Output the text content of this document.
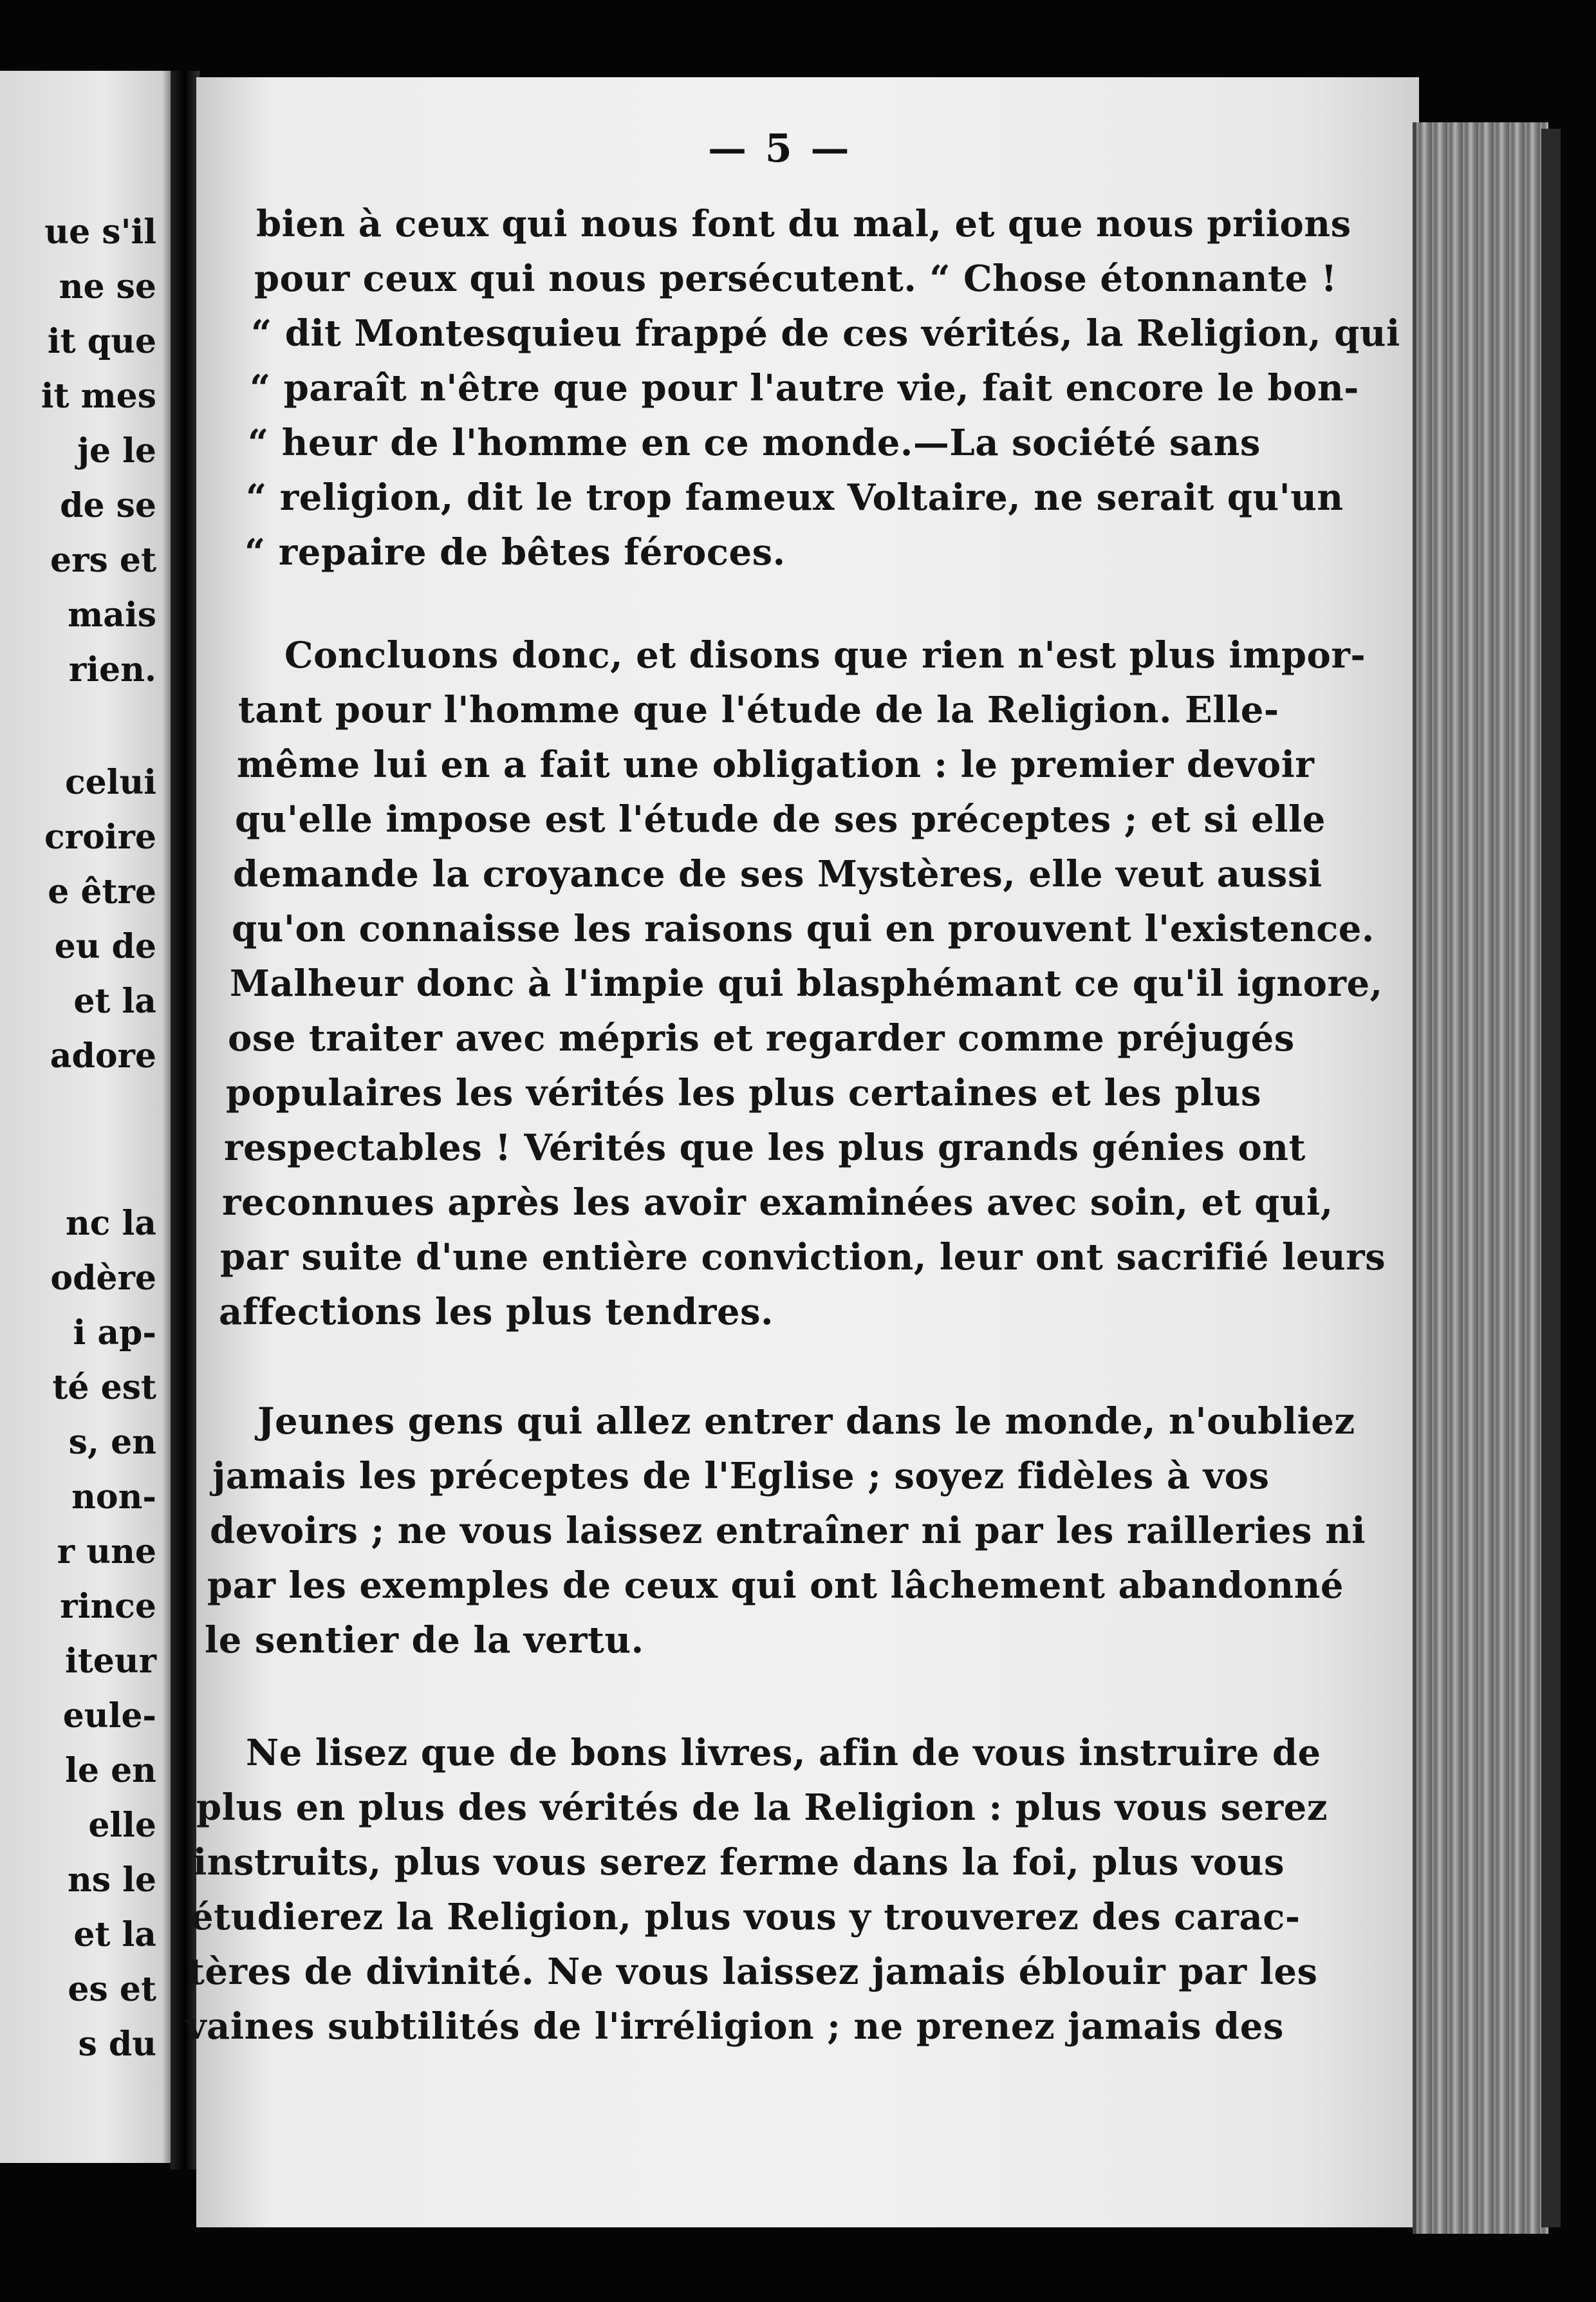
ue s'il
ne se
it que
it mes
je le
de se
ers et
mais
rien.
celui
croire
e être
eu de
et la
adore
nc la
odère
i ap-
té est
s, en
non-
r une
rince
iteur
eule-
le en
elle
ns le
et la
es et
s du
— 5 —
bien à ceux qui nous font du mal, et que nous priions
pour ceux qui nous persécutent. “ Chose étonnante !
“ dit Montesquieu frappé de ces vérités, la Religion, qui
“ paraît n'être que pour l'autre vie, fait encore le bon-
“ heur de l'homme en ce monde.—La société sans
“ religion, dit le trop fameux Voltaire, ne serait qu'un
“ repaire de bêtes féroces.
Concluons donc, et disons que rien n'est plus impor-
tant pour l'homme que l'étude de la Religion. Elle-
même lui en a fait une obligation : le premier devoir
qu'elle impose est l'étude de ses préceptes ; et si elle
demande la croyance de ses Mystères, elle veut aussi
qu'on connaisse les raisons qui en prouvent l'existence.
Malheur donc à l'impie qui blasphémant ce qu'il ignore,
ose traiter avec mépris et regarder comme préjugés
populaires les vérités les plus certaines et les plus
respectables ! Vérités que les plus grands génies ont
reconnues après les avoir examinées avec soin, et qui,
par suite d'une entière conviction, leur ont sacrifié leurs
affections les plus tendres.
Jeunes gens qui allez entrer dans le monde, n'oubliez
jamais les préceptes de l'Eglise ; soyez fidèles à vos
devoirs ; ne vous laissez entraîner ni par les railleries ni
par les exemples de ceux qui ont lâchement abandonné
le sentier de la vertu.
Ne lisez que de bons livres, afin de vous instruire de
plus en plus des vérités de la Religion : plus vous serez
instruits, plus vous serez ferme dans la foi, plus vous
étudierez la Religion, plus vous y trouverez des carac-
tères de divinité. Ne vous laissez jamais éblouir par les
vaines subtilités de l'irréligion ; ne prenez jamais des
